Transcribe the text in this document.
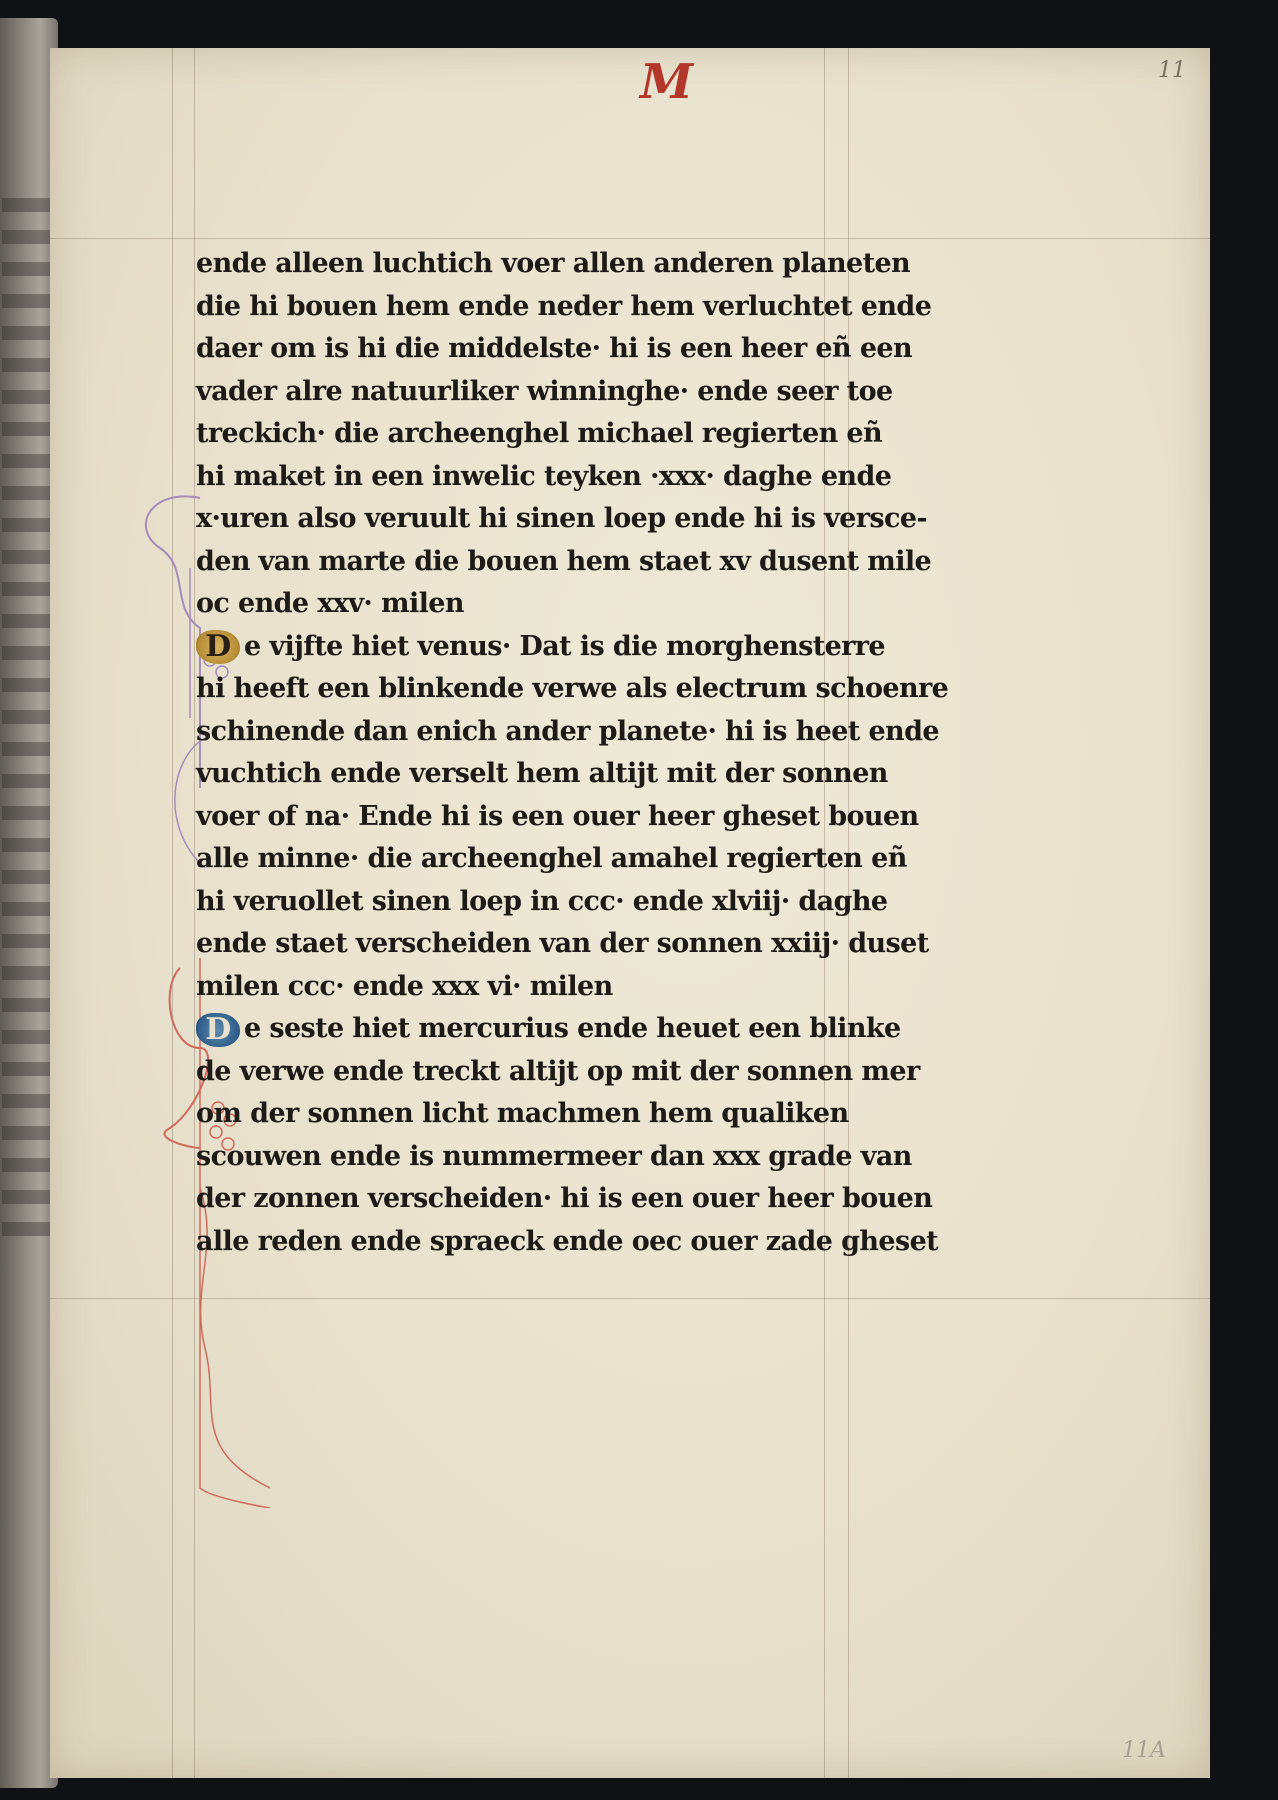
M	11
11A
ende alleen luchtich voer allen anderen planeten
die hi bouen hem ende neder hem verluchtet ende
daer om is hi die middelste· hi is een heer eñ een
vader alre natuurliker winninghe· ende seer toe
treckich· die archeenghel michael regierten eñ
hi maket in een inwelic teyken ·xxx· daghe ende
x·uren also veruult hi sinen loep ende hi is versce-
den van marte die bouen hem staet xv dusent mile
oc ende xxv· milen
D e vijfte hiet venus· Dat is die morghensterre
hi heeft een blinkende verwe als electrum schoenre
schinende dan enich ander planete· hi is heet ende
vuchtich ende verselt hem altijt mit der sonnen
voer of na· Ende hi is een ouer heer gheset bouen
alle minne· die archeenghel amahel regierten eñ
hi veruollet sinen loep in ccc· ende xlviij· daghe
ende staet verscheiden van der sonnen xxiij· duset
milen ccc· ende xxx vi· milen
D e seste hiet mercurius ende heuet een blinke
de verwe ende treckt altijt op mit der sonnen mer
om der sonnen licht machmen hem qualiken
scouwen ende is nummermeer dan xxx grade van
der zonnen verscheiden· hi is een ouer heer bouen
alle reden ende spraeck ende oec ouer zade gheset
